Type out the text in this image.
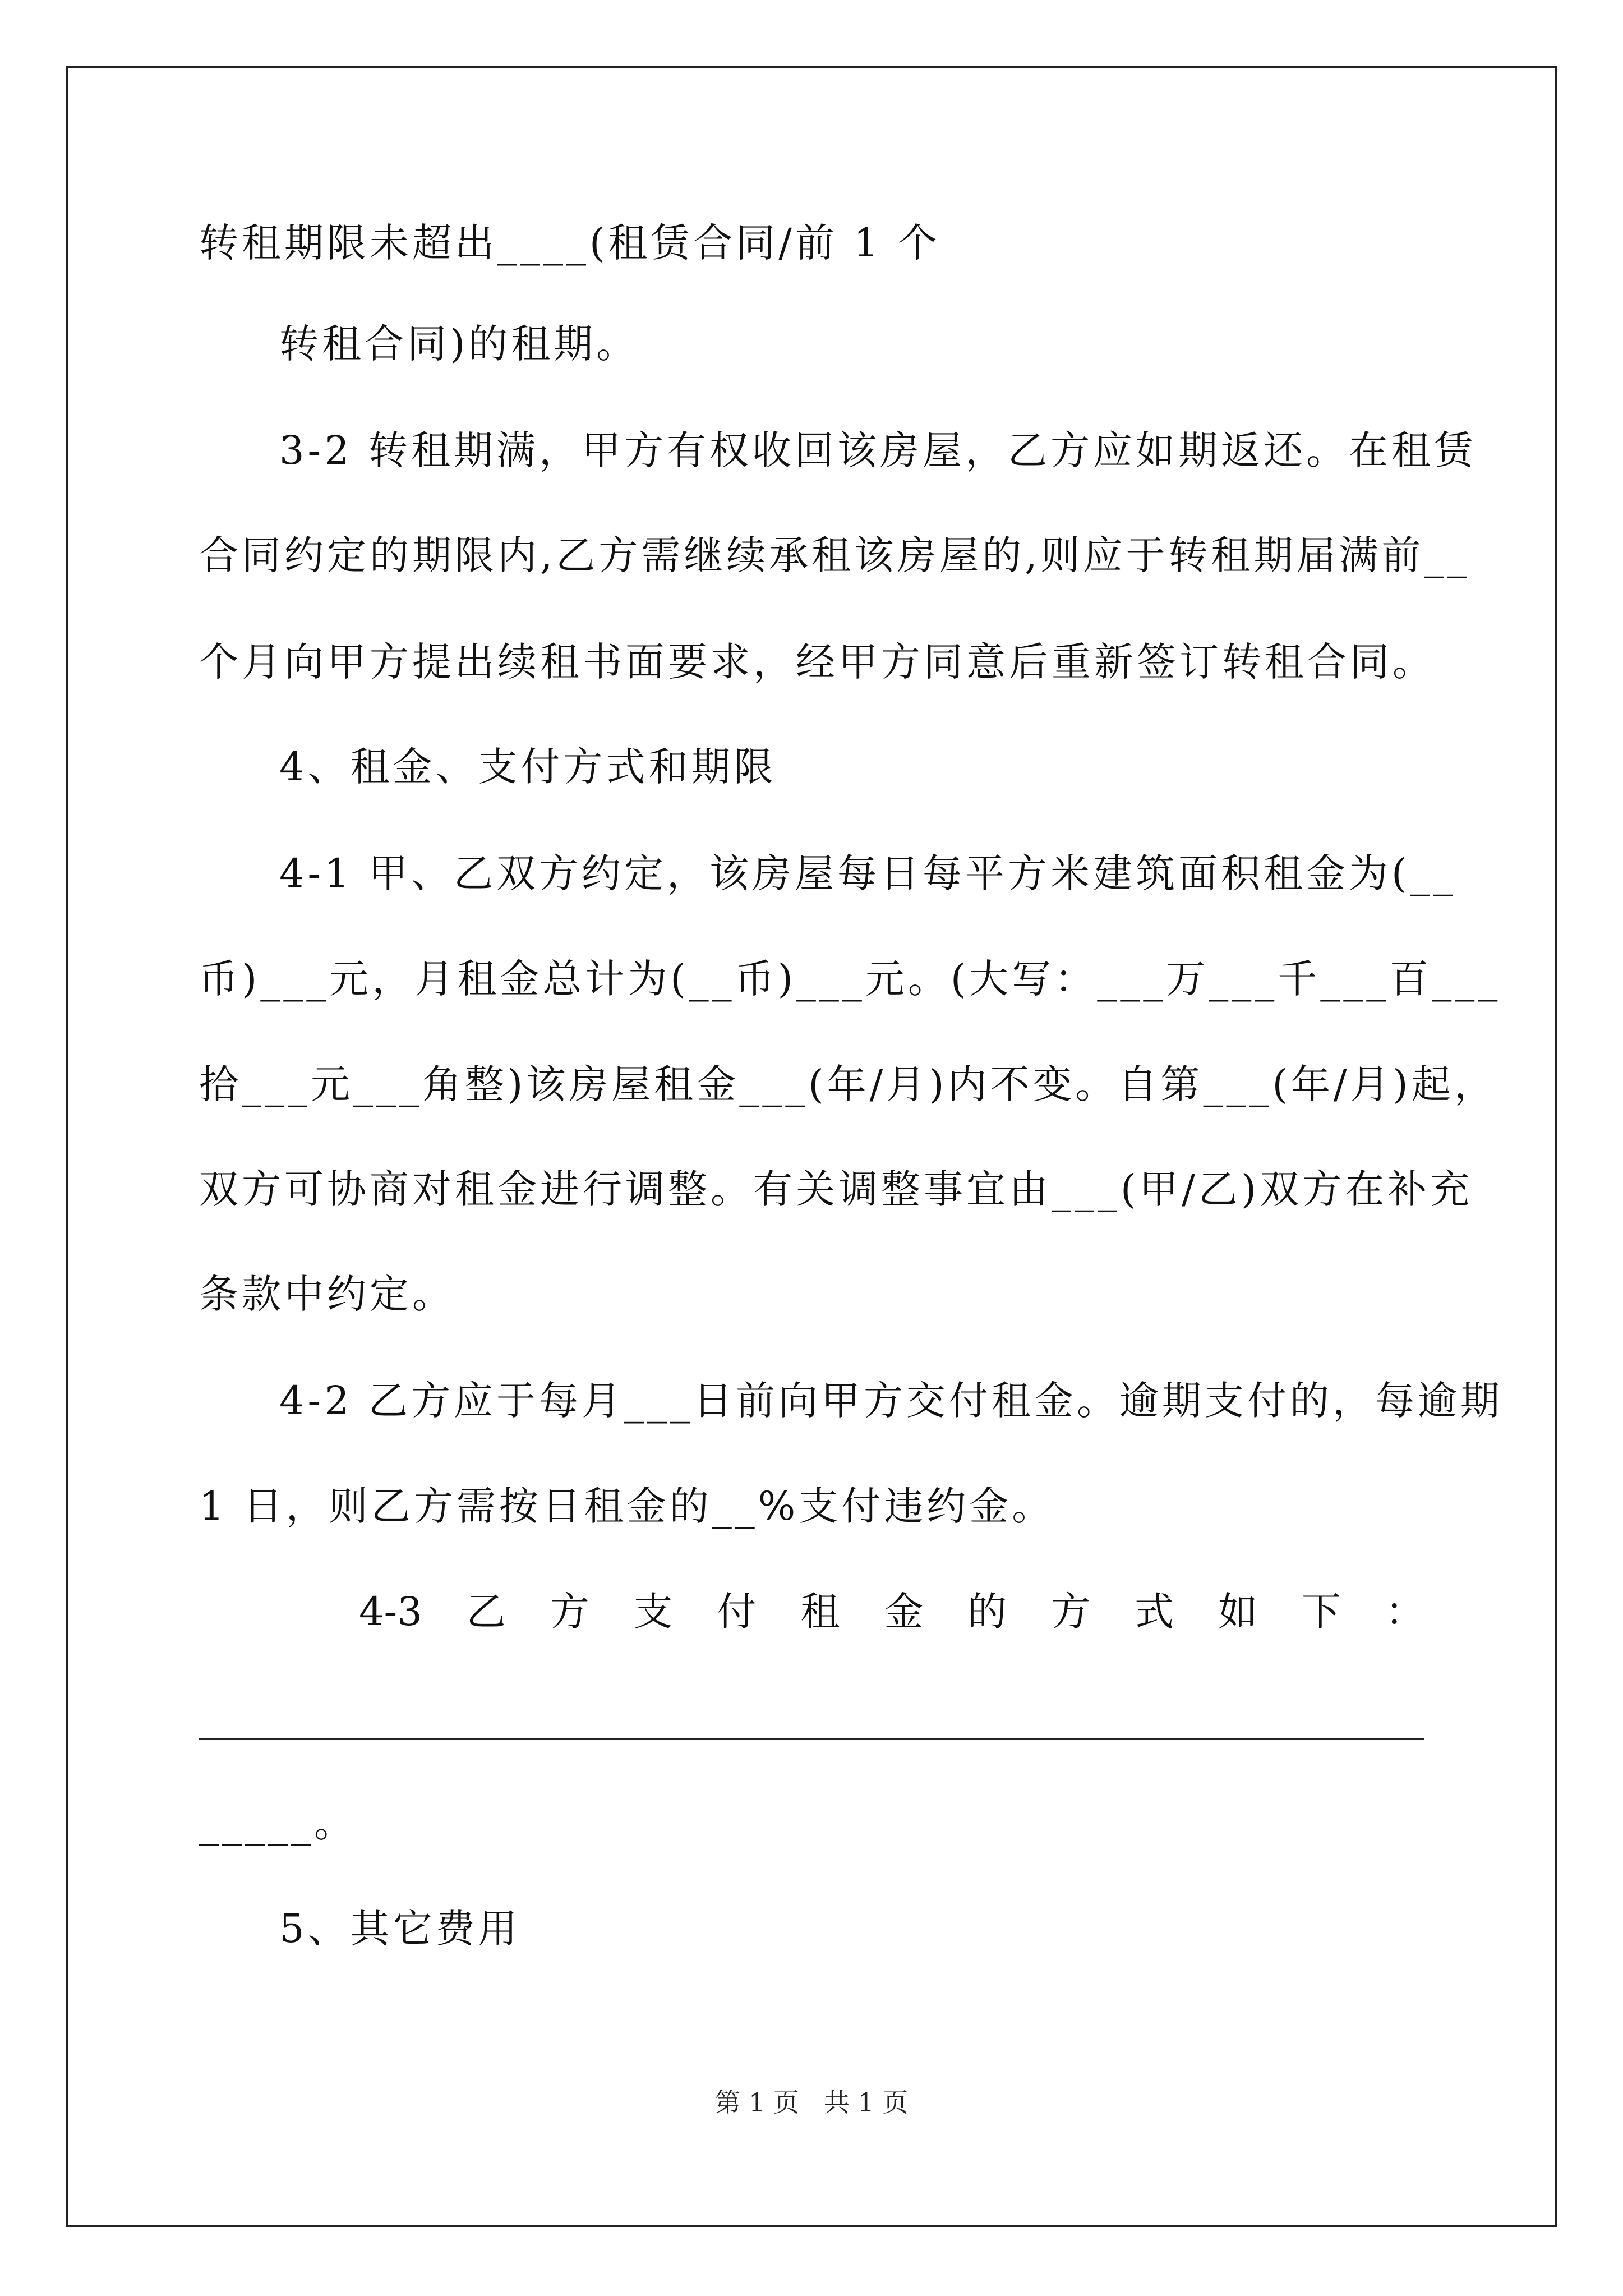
转租期限未超出____(租赁合同/前 1 个
转租合同)的租期。
3-2 转租期满，甲方有权收回该房屋，乙方应如期返还。在租赁
合同约定的期限内,乙方需继续承租该房屋的,则应于转租期届满前__
个月向甲方提出续租书面要求，经甲方同意后重新签订转租合同。
4、租金、支付方式和期限
4-1 甲、乙双方约定，该房屋每日每平方米建筑面积租金为(__
币)___元，月租金总计为(__币)___元。(大写：___万___千___百___
拾___元___角整)该房屋租金___(年/月)内不变。自第___(年/月)起，
双方可协商对租金进行调整。有关调整事宜由___(甲/乙)双方在补充
条款中约定。
4-2 乙方应于每月___日前向甲方交付租金。逾期支付的，每逾期
1 日，则乙方需按日租金的__%支付违约金。
4-3 乙 方 支 付 租 金 的 方 式 如 下 ：
_____。
5、其它费用
第 1 页   共 1 页
